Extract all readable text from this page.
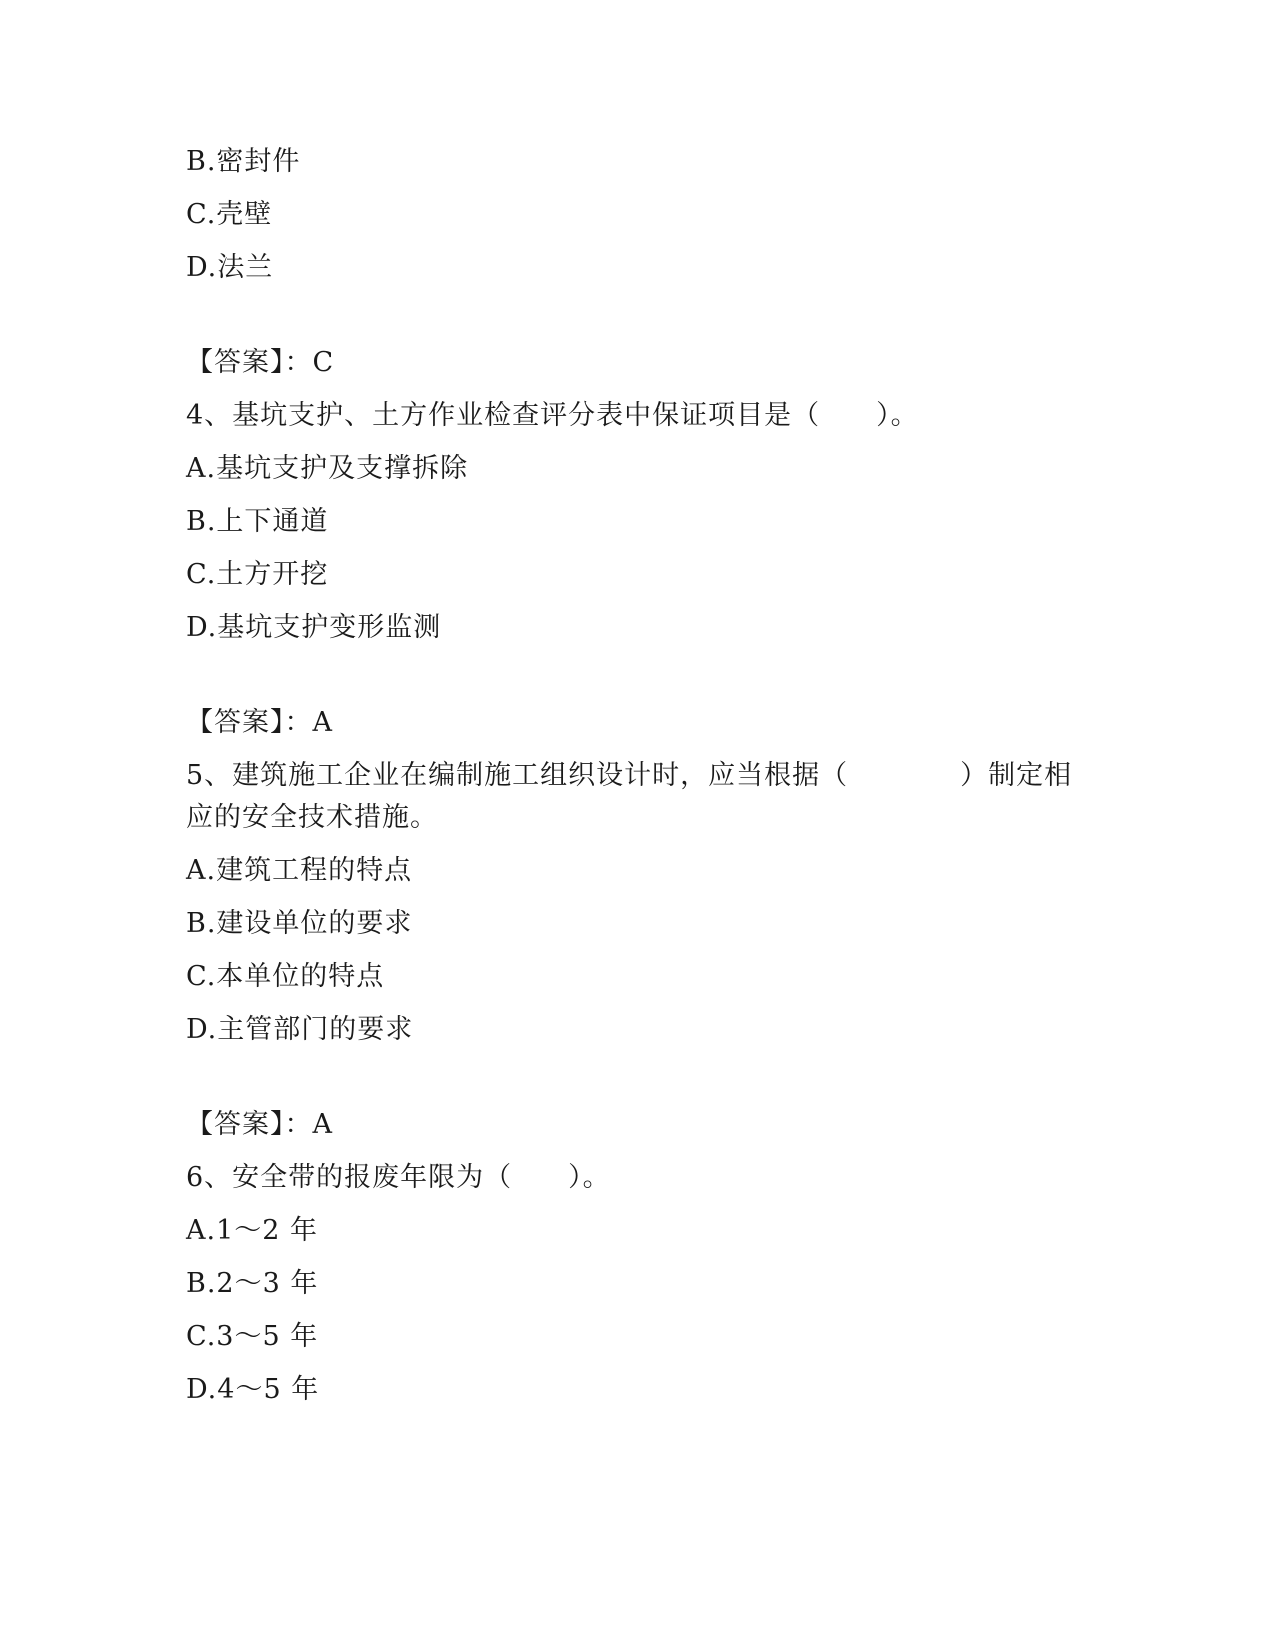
B.密封件
C.壳壁
D.法兰
【答案】：C
4、基坑支护、土方作业检查评分表中保证项目是（　　）。
A.基坑支护及支撑拆除
B.上下通道
C.土方开挖
D.基坑支护变形监测
【答案】：A
5、建筑施工企业在编制施工组织设计时，应当根据（　　　　）制定相
应的安全技术措施。
A.建筑工程的特点
B.建设单位的要求
C.本单位的特点
D.主管部门的要求
【答案】：A
6、安全带的报废年限为（　　）。
A.1～2 年
B.2～3 年
C.3～5 年
D.4～5 年
